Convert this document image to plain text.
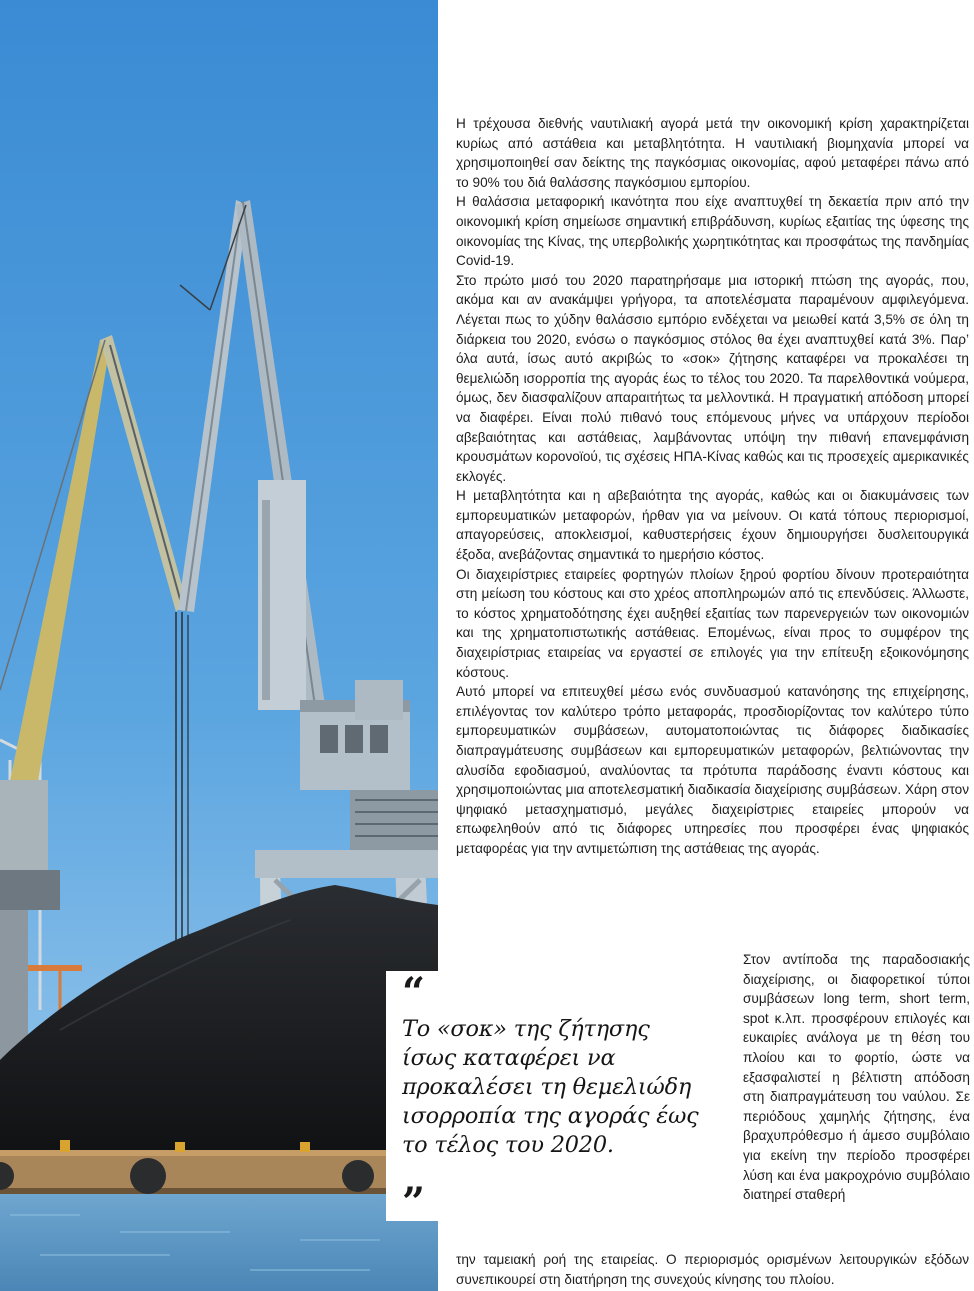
“
Το «σοκ» της ζήτησης ίσως καταφέρει να προκαλέσει τη θεμελιώδη ισορροπία της αγοράς έως το τέλος του 2020.
”

Η τρέχουσα διεθνής ναυτιλιακή αγορά μετά την οικονομική κρίση χαρακτηρίζεται κυρίως από αστάθεια και μεταβλητότητα. Η ναυτιλιακή βιομηχανία μπορεί να χρησιμοποιηθεί σαν δείκτης της παγκόσμιας οικονομίας, αφού μεταφέρει πάνω από το 90% του διά θαλάσσης παγκόσμιου εμπορίου.

Η θαλάσσια μεταφορική ικανότητα που είχε αναπτυχθεί τη δεκαετία πριν από την οικονομική κρίση σημείωσε σημαντική επιβράδυνση, κυρίως εξαιτίας της ύφεσης της οικονομίας της Κίνας, της υπερβολικής χωρητικότητας και προσφάτως της πανδημίας Covid-19.

Στο πρώτο μισό του 2020 παρατηρήσαμε μια ιστορική πτώση της αγοράς, που, ακόμα και αν ανακάμψει γρήγορα, τα αποτελέσματα παραμένουν αμφιλεγόμενα. Λέγεται πως το χύδην θαλάσσιο εμπόριο ενδέχεται να μειωθεί κατά 3,5% σε όλη τη διάρκεια του 2020, ενόσω ο παγκόσμιος στόλος θα έχει αναπτυχθεί κατά 3%. Παρ’ όλα αυτά, ίσως αυτό ακριβώς το «σοκ» ζήτησης καταφέρει να προκαλέσει τη θεμελιώδη ισορροπία της αγοράς έως το τέλος του 2020. Τα παρελθοντικά νούμερα, όμως, δεν διασφαλίζουν απαραιτήτως τα μελλοντικά. Η πραγματική απόδοση μπορεί να διαφέρει. Είναι πολύ πιθανό τους επόμενους μήνες να υπάρχουν περίοδοι αβεβαιότητας και αστάθειας, λαμβάνοντας υπόψη την πιθανή επανεμφάνιση κρουσμάτων κορονοϊού, τις σχέσεις ΗΠΑ-Κίνας καθώς και τις προσεχείς αμερικανικές εκλογές.

Η μεταβλητότητα και η αβεβαιότητα της αγοράς, καθώς και οι διακυμάνσεις των εμπορευματικών μεταφορών, ήρθαν για να μείνουν. Οι κατά τόπους περιορισμοί, απαγορεύσεις, αποκλεισμοί, καθυστερήσεις έχουν δημιουργήσει δυσλειτουργικά έξοδα, ανεβάζοντας σημαντικά το ημερήσιο κόστος.

Οι διαχειρίστριες εταιρείες φορτηγών πλοίων ξηρού φορτίου δίνουν προτεραιότητα στη μείωση του κόστους και στο χρέος αποπληρωμών από τις επενδύσεις. Άλλωστε, το κόστος χρηματοδότησης έχει αυξηθεί εξαιτίας των παρενεργειών των οικονομιών και της χρηματοπιστωτικής αστάθειας. Επομένως, είναι προς το συμφέρον της διαχειρίστριας εταιρείας να εργαστεί σε επιλογές για την επίτευξη εξοικονόμησης κόστους.

Αυτό μπορεί να επιτευχθεί μέσω ενός συνδυασμού κατανόησης της επιχείρησης, επιλέγοντας τον καλύτερο τρόπο μεταφοράς, προσδιορίζοντας τον καλύτερο τύπο εμπορευματικών συμβάσεων, αυτοματοποιώντας τις διάφορες διαδικασίες διαπραγμάτευσης συμβάσεων και εμπορευματικών μεταφορών, βελτιώνοντας την αλυσίδα εφοδιασμού, αναλύοντας τα πρότυπα παράδοσης έναντι κόστους και χρησιμοποιώντας μια αποτελεσματική διαδικασία διαχείρισης συμβάσεων. Χάρη στον ψηφιακό μετασχηματισμό, μεγάλες διαχειρίστριες εταιρείες μπορούν να επωφεληθούν από τις διάφορες υπηρεσίες που προσφέρει ένας ψηφιακός μεταφορέας για την αντιμετώπιση της αστάθειας της αγοράς.

Στον αντίποδα της παραδοσιακής διαχείρισης, οι διαφορετικοί τύποι συμβάσεων long term, short term, spot κ.λπ. προσφέρουν επιλογές και ευκαιρίες ανάλογα με τη θέση του πλοίου και το φορτίο, ώστε να εξασφαλιστεί η βέλτιστη απόδοση στη διαπραγμάτευση του ναύλου. Σε περιόδους χαμηλής ζήτησης, ένα βραχυπρόθεσμο ή άμεσο συμβόλαιο για εκείνη την περίοδο προσφέρει λύση και ένα μακροχρόνιο συμβόλαιο διατηρεί σταθερή

την ταμειακή ροή της εταιρείας. Ο περιορισμός ορισμένων λειτουργικών εξόδων συνεπικουρεί στη διατήρηση της συνεχούς κίνησης του πλοίου.
